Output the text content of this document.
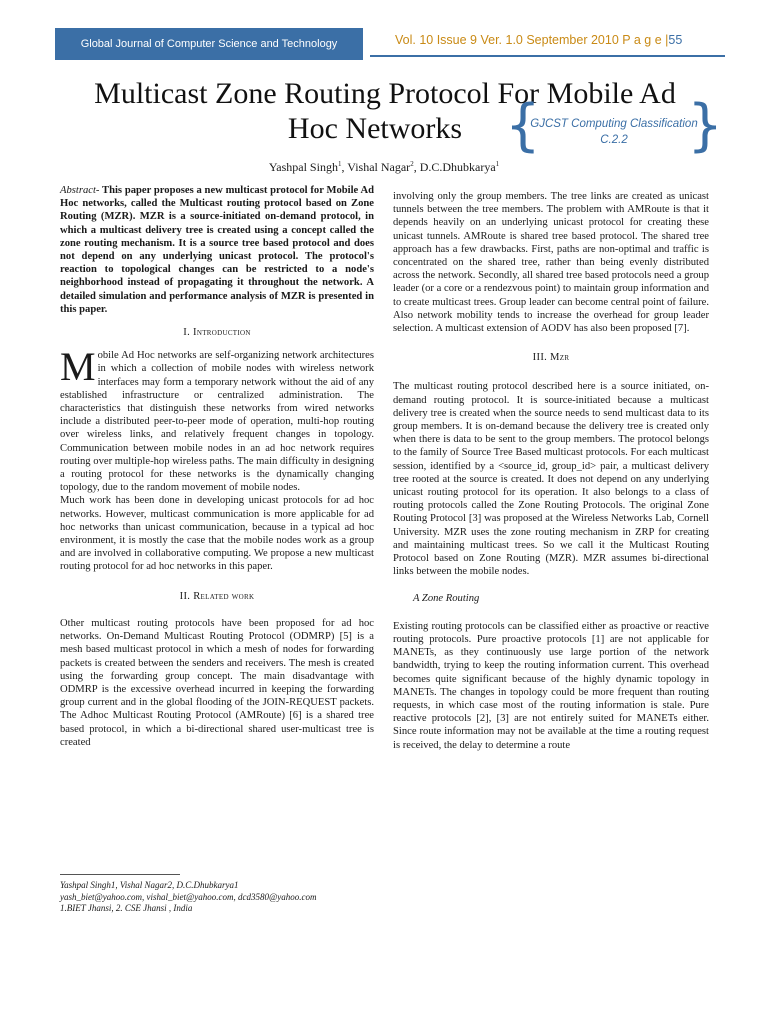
Global Journal of Computer Science and Technology	Vol. 10 Issue 9 Ver. 1.0 September 2010 P a g e |55
Multicast Zone Routing Protocol For Mobile Ad
Hoc Networks {
GJCST Computing Classification
C.2.2	}
Yashpal Singh$^1$, Vishal Nagar$^2$, D.C.Dhubkarya$^1$

Abstract- This paper proposes a new multicast protocol for Mobile Ad Hoc networks, called the Multicast routing protocol based on Zone Routing (MZR). MZR is a source-initiated on-demand protocol, in which a multicast delivery tree is created using a concept called the zone routing mechanism. It is a source tree based protocol and does not depend on any underlying unicast protocol. The protocol's reaction to topological changes can be restricted to a node's neighborhood instead of propagating it throughout the network. A detailed simulation and performance analysis of MZR is presented in this paper.

I. Introduction

Mobile Ad Hoc networks are self-organizing network architectures in which a collection of mobile nodes with wireless network interfaces may form a temporary network without the aid of any established infrastructure or centralized administration. The characteristics that distinguish these networks from wired networks include a distributed peer-to-peer mode of operation, multi-hop routing over wireless links, and relatively frequent changes in topology. Communication between mobile nodes in an ad hoc network requires routing over multiple-hop wireless paths. The main difficulty in designing a routing protocol for these networks is the dynamically changing topology, due to the random movement of mobile nodes.

Much work has been done in developing unicast protocols for ad hoc networks. However, multicast communication is more applicable for ad hoc networks than unicast communication, because in a typical ad hoc environment, it is mostly the case that the mobile nodes work as a group and are involved in collaborative computing. We propose a new multicast routing protocol for ad hoc networks in this paper.

II. Related work

Other multicast routing protocols have been proposed for ad hoc networks. On-Demand Multicast Routing Protocol (ODMRP) [5] is a mesh based multicast protocol in which a mesh of nodes for forwarding packets is created between the senders and receivers. The mesh is created using the forwarding group concept. The main disadvantage with ODMRP is the excessive overhead incurred in keeping the forwarding group current and in the global flooding of the JOIN-REQUEST packets. The Adhoc Multicast Routing Protocol (AMRoute) [6] is a shared tree based protocol, in which a bi-directional shared user-multicast tree is created

Yashpal Singh1, Vishal Nagar2, D.C.Dhubkarya1
yash_biet@yahoo.com, vishal_biet@yahoo.com, dcd3580@yahoo.com
1.BIET Jhansi, 2. CSE Jhansi , India

involving only the group members. The tree links are created as unicast tunnels between the tree members. The problem with AMRoute is that it depends heavily on an underlying unicast protocol for creating these unicast tunnels. AMRoute is shared tree based protocol. The shared tree approach has a few drawbacks. First, paths are non-optimal and traffic is concentrated on the shared tree, rather than being evenly distributed across the network. Secondly, all shared tree based protocols need a group leader (or a core or a rendezvous point) to maintain group information and to create multicast trees. Group leader can become central point of failure. Also network mobility tends to increase the overhead for group leader selection. A multicast extension of AODV has also been proposed [7].

III. Mzr

The multicast routing protocol described here is a source initiated, on-demand routing protocol. It is source-initiated because a multicast delivery tree is created when the source needs to send multicast data to its group members. It is on-demand because the delivery tree is created only when there is data to be sent to the group members. The protocol belongs to the family of Source Tree Based multicast protocols. For each multicast session, identified by a <source_id, group_id> pair, a multicast delivery tree rooted at the source is created. It does not depend on any underlying unicast routing protocol for its operation. It also belongs to a class of routing protocols called the Zone Routing Protocols. The original Zone Routing Protocol [3] was proposed at the Wireless Networks Lab, Cornell University. MZR uses the zone routing mechanism in ZRP for creating and maintaining multicast trees. So we call it the Multicast Routing Protocol based on Zone Routing (MZR). MZR assumes bi-directional links between the mobile nodes.

A Zone Routing

Existing routing protocols can be classified either as proactive or reactive routing protocols. Pure proactive protocols [1] are not applicable for MANETs, as they continuously use large portion of the network bandwidth, trying to keep the routing information current. This overhead becomes quite significant because of the highly dynamic topology in MANETs. The changes in topology could be more frequent than routing requests, in which case most of the routing information is stale. Pure reactive protocols [2], [3] are not entirely suited for MANETs either. Since route information may not be available at the time a routing request is received, the delay to determine a route
